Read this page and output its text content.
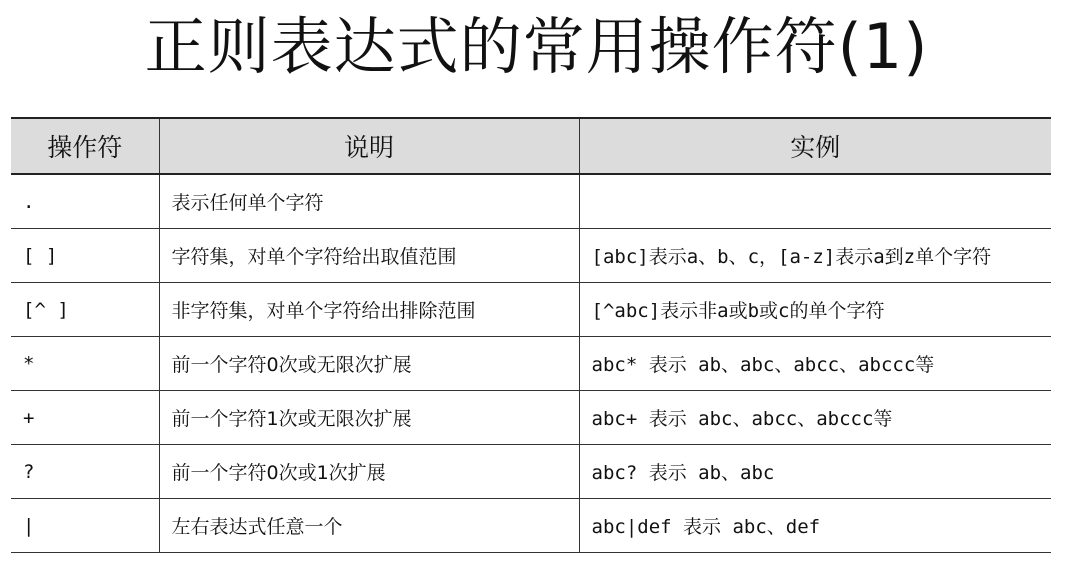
正则表达式的常用操作符(1)
操作符	说明	实例
.	表示任何单个字符	
[ ]	字符集，对单个字符给出取值范围	[abc]表示a、b、c，[a-z]表示a到z单个字符
[^ ]	非字符集，对单个字符给出排除范围	[^abc]表示非a或b或c的单个字符
*	前一个字符0次或无限次扩展	abc* 表示 ab、abc、abcc、abccc等
+	前一个字符1次或无限次扩展	abc+ 表示 abc、abcc、abccc等
?	前一个字符0次或1次扩展	abc? 表示 ab、abc
|	左右表达式任意一个	abc|def 表示 abc、def
